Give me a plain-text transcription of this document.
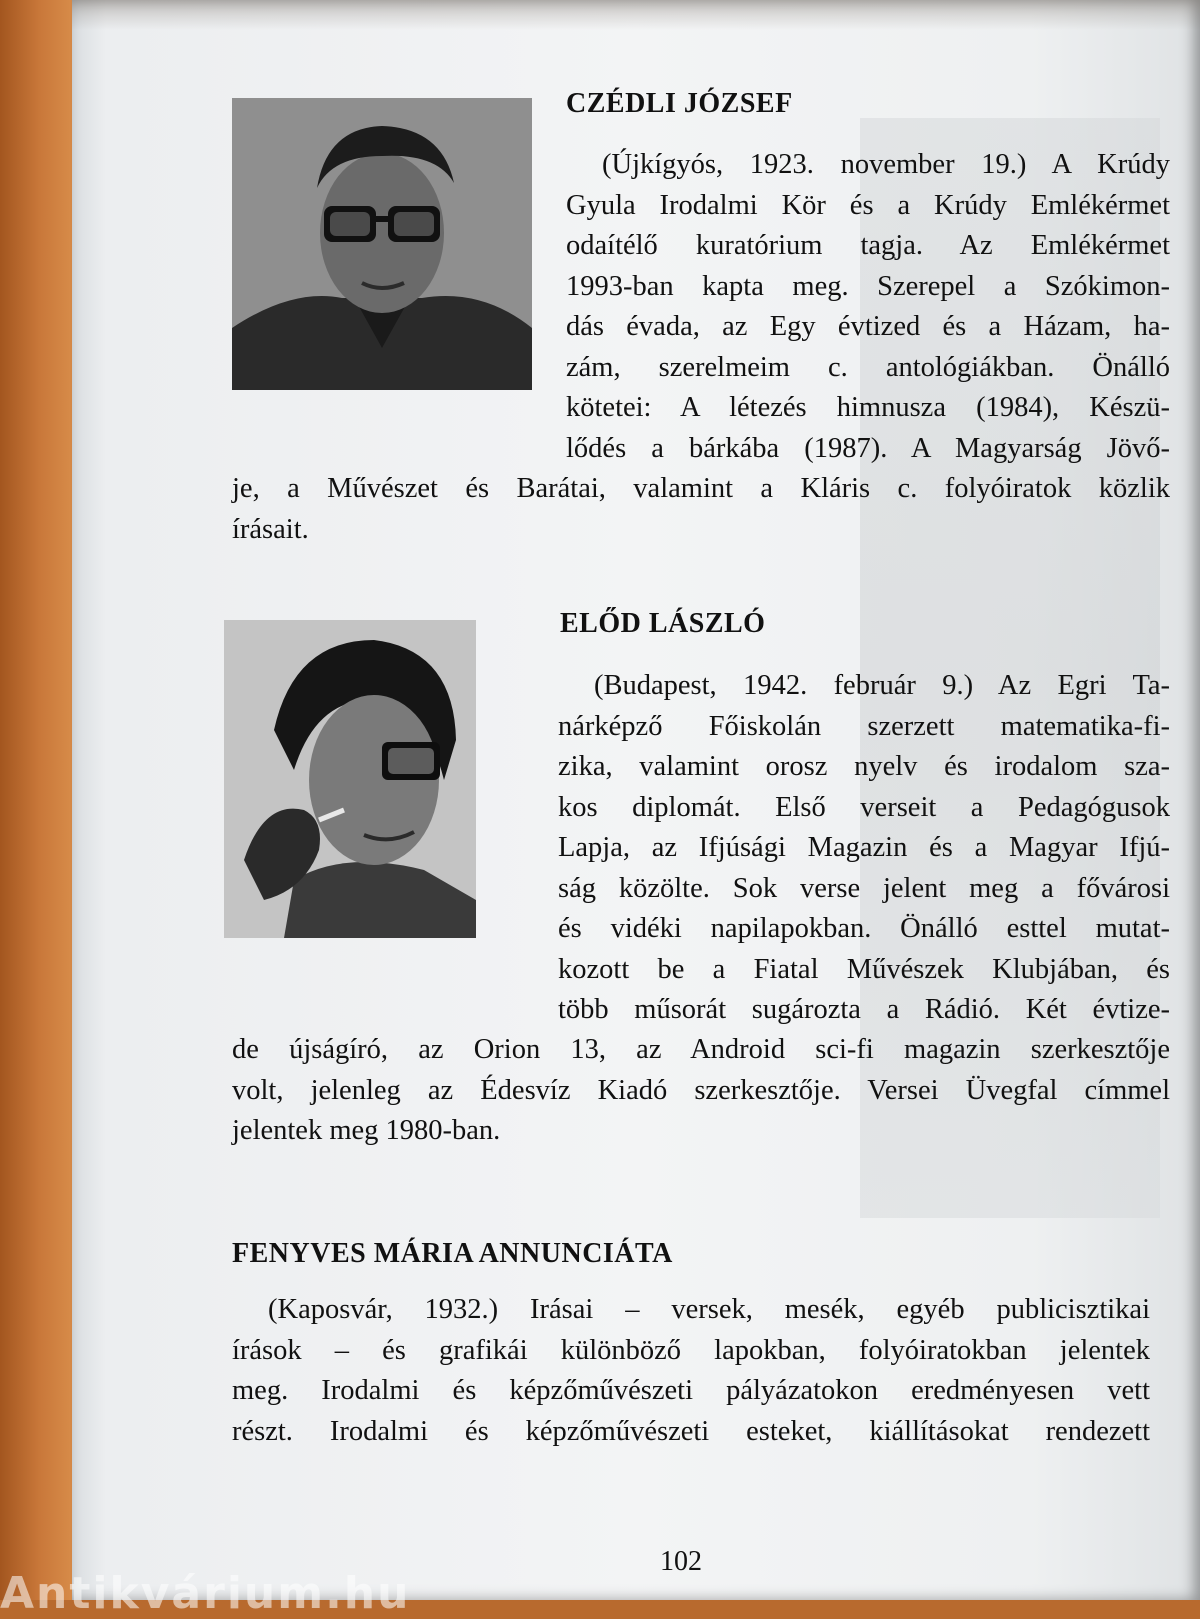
CZÉDLI JÓZSEF
(Újkígyós, 1923. november 19.) A Krúdy
Gyula Irodalmi Kör és a Krúdy Emlékérmet
odaítélő kuratórium tagja. Az Emlékérmet
1993-ban kapta meg. Szerepel a Szókimon-
dás évada, az Egy évtized és a Házam, ha-
zám, szerelmeim c. antológiákban. Önálló
kötetei: A létezés himnusza (1984), Készü-
lődés a bárkába (1987). A Magyarság Jövő-
je, a Művészet és Barátai, valamint a Kláris c. folyóiratok közlik
írásait.
ELŐD LÁSZLÓ
(Budapest, 1942. február 9.) Az Egri Ta-
nárképző Főiskolán szerzett matematika-fi-
zika, valamint orosz nyelv és irodalom sza-
kos diplomát. Első verseit a Pedagógusok
Lapja, az Ifjúsági Magazin és a Magyar Ifjú-
ság közölte. Sok verse jelent meg a fővárosi
és vidéki napilapokban. Önálló esttel mutat-
kozott be a Fiatal Művészek Klubjában, és
több műsorát sugározta a Rádió. Két évtize-
de újságíró, az Orion 13, az Android sci-fi magazin szerkesztője
volt, jelenleg az Édesvíz Kiadó szerkesztője. Versei Üvegfal címmel
jelentek meg 1980-ban.
FENYVES MÁRIA ANNUNCIÁTA
(Kaposvár, 1932.) Irásai – versek, mesék, egyéb publicisztikai
írások – és grafikái különböző lapokban, folyóiratokban jelentek
meg. Irodalmi és képzőművészeti pályázatokon eredményesen vett
részt. Irodalmi és képzőművészeti esteket, kiállításokat rendezett
102
Antikvárium.hu
